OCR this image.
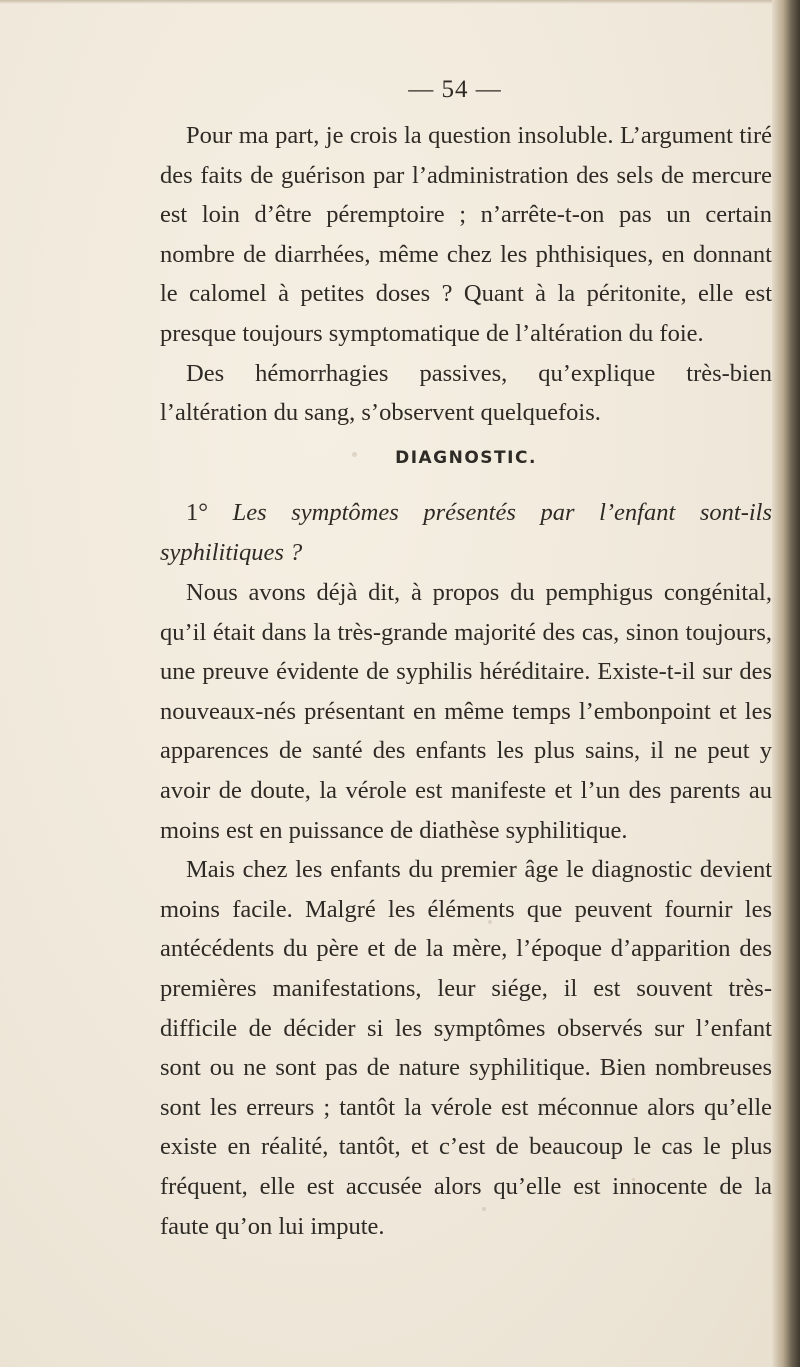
— 54 —

Pour ma part, je crois la question insoluble. L’argument tiré des faits de guérison par l’administration des sels de mercure est loin d’être péremptoire ; n’arrête-t-on pas un certain nombre de diarrhées, même chez les phthisiques, en donnant le calomel à petites doses ? Quant à la péritonite, elle est presque toujours symptomatique de l’altération du foie.

Des hémorrhagies passives, qu’explique très-bien l’altération du sang, s’observent quelquefois.

DIAGNOSTIC.
1° Les symptômes présentés par l’enfant sont-ils syphilitiques ?

Nous avons déjà dit, à propos du pemphigus congénital, qu’il était dans la très-grande majorité des cas, sinon toujours, une preuve évidente de syphilis héréditaire. Existe-t-il sur des nouveaux-nés présentant en même temps l’embonpoint et les apparences de santé des enfants les plus sains, il ne peut y avoir de doute, la vérole est manifeste et l’un des parents au moins est en puissance de diathèse syphilitique.

Mais chez les enfants du premier âge le diagnostic devient moins facile. Malgré les éléments que peuvent fournir les antécédents du père et de la mère, l’époque d’apparition des premières manifestations, leur siége, il est souvent très-difficile de décider si les symptômes observés sur l’enfant sont ou ne sont pas de nature syphilitique. Bien nombreuses sont les erreurs ; tantôt la vérole est méconnue alors qu’elle existe en réalité, tantôt, et c’est de beaucoup le cas le plus fréquent, elle est accusée alors qu’elle est innocente de la faute qu’on lui impute.
